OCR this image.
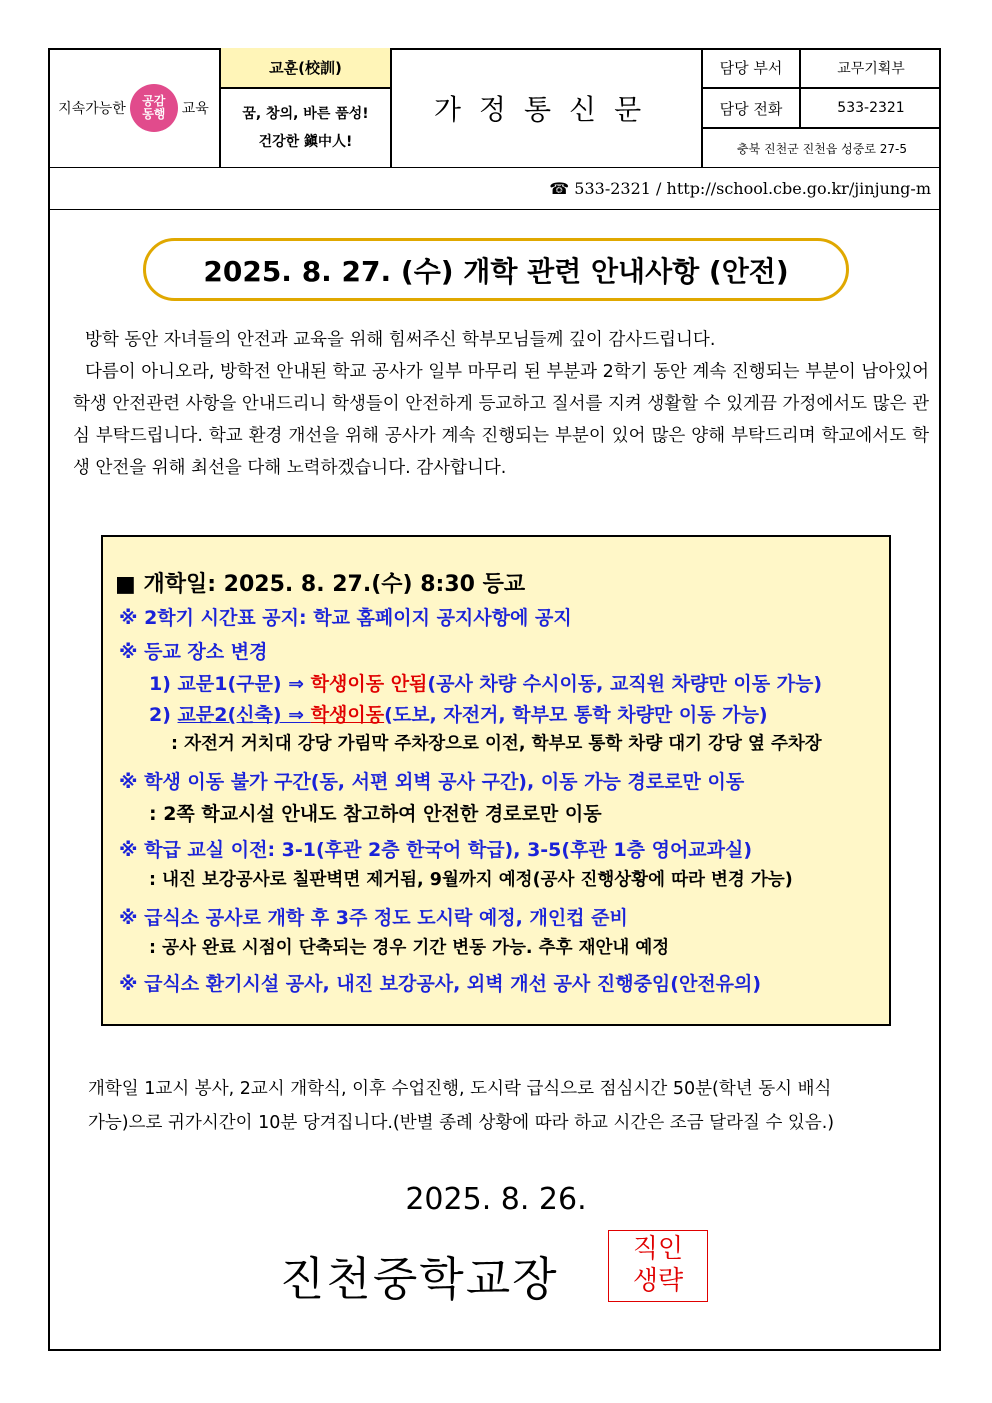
지속가능한 공감
동행 교육
교훈(校訓)
꿈, 창의, 바른 품성!
건강한 鎭中人!
가정통신문
담당 부서	교무기획부
담당 전화	533-2321
충북 진천군 진천읍 성중로 27-5
☎ 533-2321 / http://school.cbe.go.kr/jinjung-m
2025. 8. 27. (수) 개학 관련 안내사항 (안전)

방학 동안 자녀들의 안전과 교육을 위해 힘써주신 학부모님들께 깊이 감사드립니다.

다름이 아니오라, 방학전 안내된 학교 공사가 일부 마무리 된 부분과 2학기 동안 계속 진행되는 부분이 남아있어 학생 안전관련 사항을 안내드리니 학생들이 안전하게 등교하고 질서를 지켜 생활할 수 있게끔 가정에서도 많은 관심 부탁드립니다. 학교 환경 개선을 위해 공사가 계속 진행되는 부분이 있어 많은 양해 부탁드리며 학교에서도 학생 안전을 위해 최선을 다해 노력하겠습니다. 감사합니다.

■ 개학일: 2025. 8. 27.(수) 8:30 등교
※ 2학기 시간표 공지: 학교 홈페이지 공지사항에 공지
※ 등교 장소 변경
1) 교문1(구문) ⇒ 학생이동 안됨(공사 차량 수시이동, 교직원 차량만 이동 가능)
2) 교문2(신축) ⇒ 학생이동(도보, 자전거, 학부모 통학 차량만 이동 가능)
: 자전거 거치대 강당 가림막 주차장으로 이전, 학부모 통학 차량 대기 강당 옆 주차장
※ 학생 이동 불가 구간(동, 서편 외벽 공사 구간), 이동 가능 경로로만 이동
: 2쪽 학교시설 안내도 참고하여 안전한 경로로만 이동
※ 학급 교실 이전: 3-1(후관 2층 한국어 학급), 3-5(후관 1층 영어교과실)
: 내진 보강공사로 칠판벽면 제거됨, 9월까지 예정(공사 진행상황에 따라 변경 가능)
※ 급식소 공사로 개학 후 3주 정도 도시락 예정, 개인컵 준비
: 공사 완료 시점이 단축되는 경우 기간 변동 가능. 추후 재안내 예정
※ 급식소 환기시설 공사, 내진 보강공사, 외벽 개선 공사 진행중임(안전유의)

개학일 1교시 봉사, 2교시 개학식, 이후 수업진행, 도시락 급식으로 점심시간 50분(학년 동시 배식

가능)으로 귀가시간이 10분 당겨집니다.(반별 종례 상황에 따라 하교 시간은 조금 달라질 수 있음.)

2025. 8. 26.
진천중학교장
직인
생략
